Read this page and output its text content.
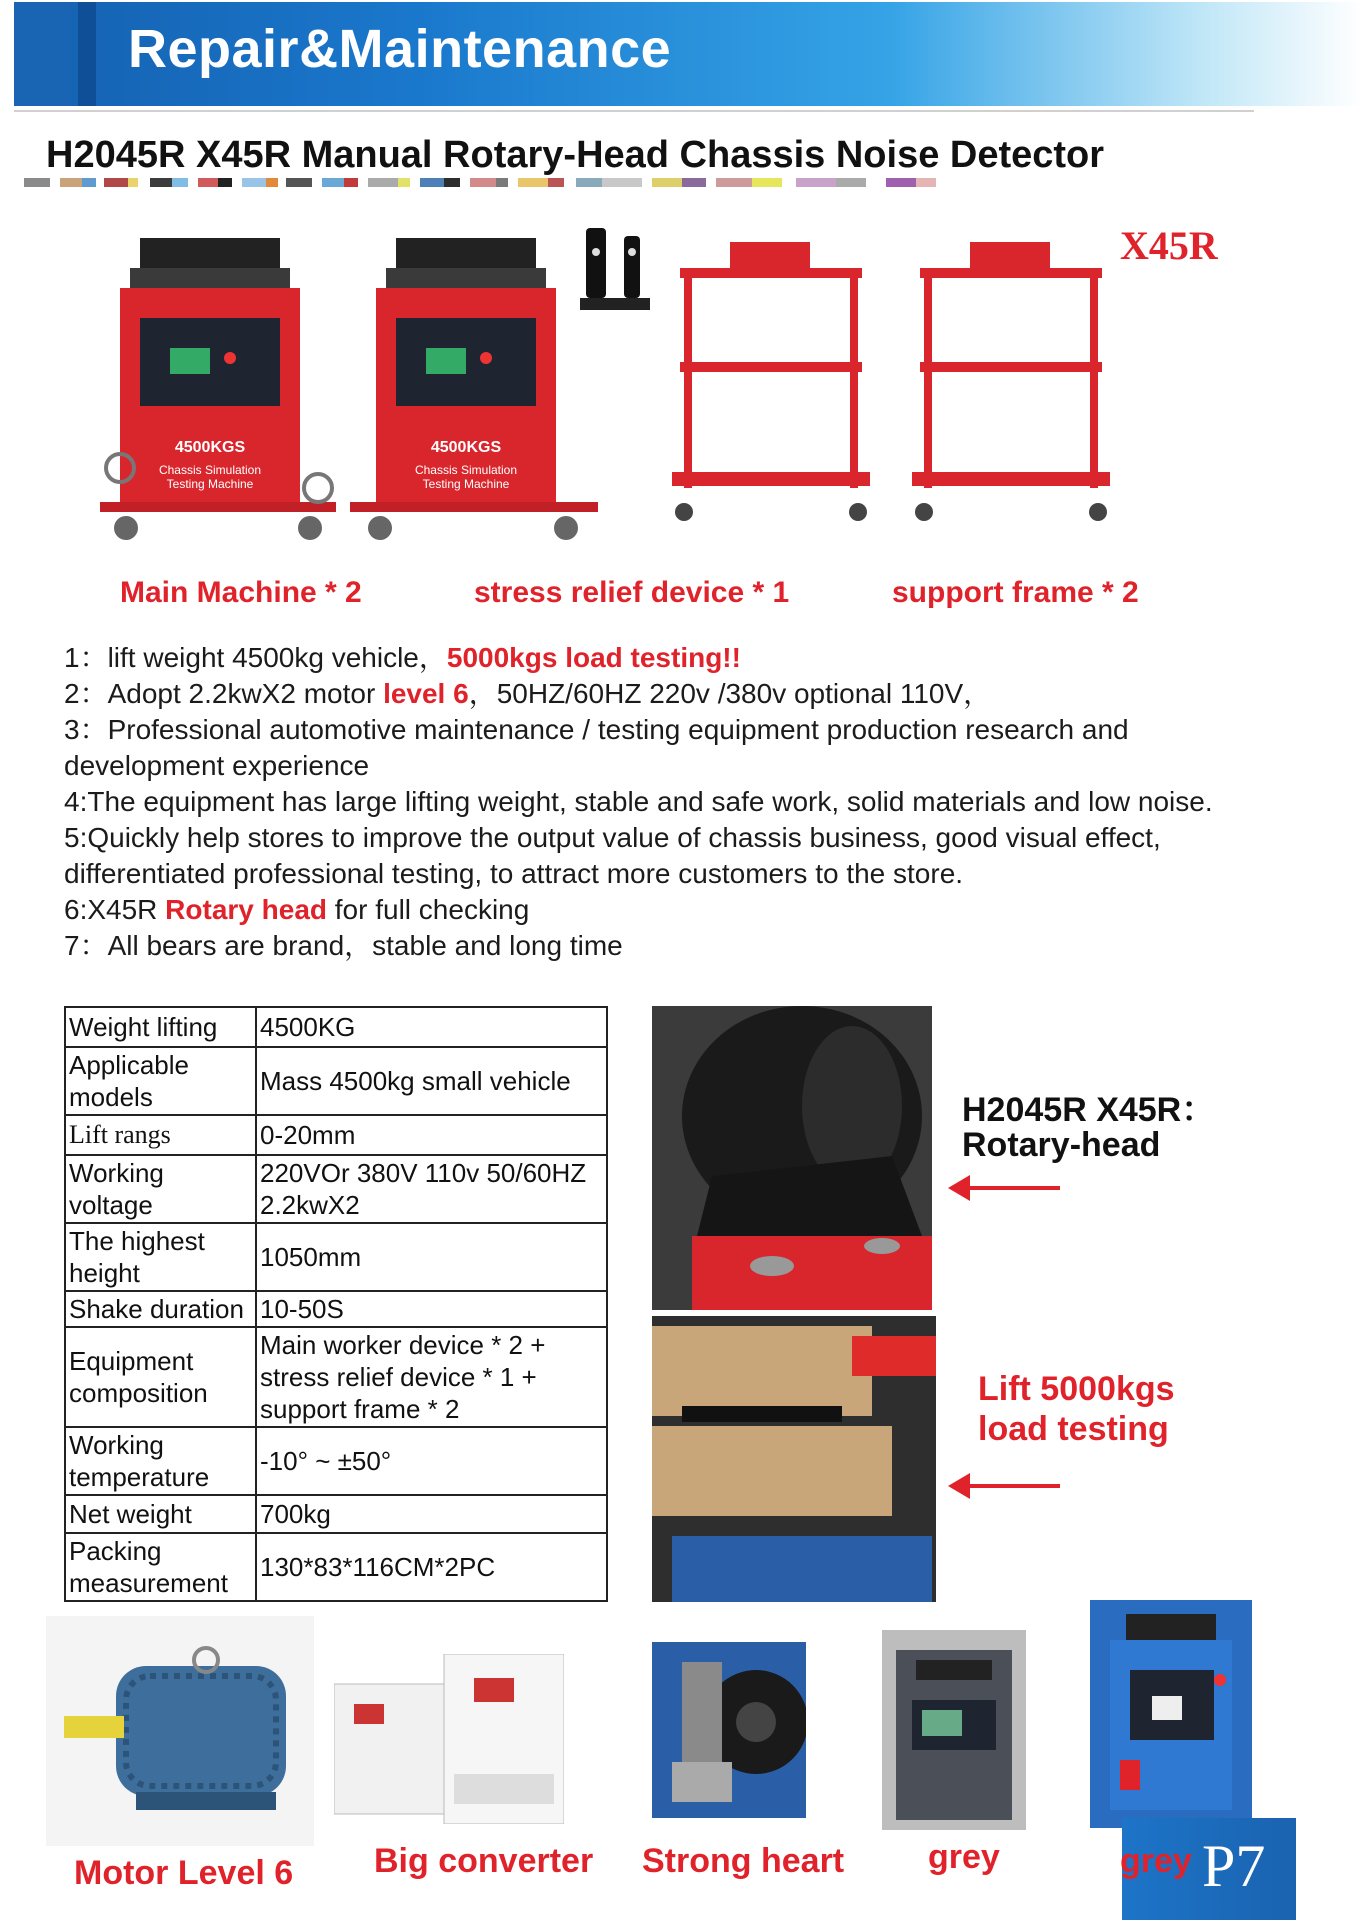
Repair&Maintenance
H2045R X45R Manual Rotary-Head Chassis Noise Detector
4500KGS
Chassis Simulation
Testing Machine
4500KGS
Chassis Simulation
Testing Machine
X45R
Main Machine * 2	stress relief device * 1	support frame * 2
1：lift weight 4500kg vehicle，5000kgs load testing!!
2：Adopt 2.2kwX2 motor level 6，50HZ/60HZ 220v /380v optional 110V，
3：Professional automotive maintenance / testing equipment production research and
development experience
4:The equipment has large lifting weight, stable and safe work, solid materials and low noise.
5:Quickly help stores to improve the output value of chassis business, good visual effect,
differentiated professional testing, to attract more customers to the store.
6:X45R Rotary head for full checking
7：All bears are brand，stable and long time
Weight lifting	4500KG
Applicable models	Mass 4500kg small vehicle
Lift rangs	0-20mm
Working voltage	220VOr 380V 110v 50/60HZ 2.2kwX2
The highest height	1050mm
Shake duration	10-50S
Equipment composition	Main worker device * 2 + stress relief device * 1 + support frame * 2
Working temperature	-10° ~ ±50°
Net weight	700kg
Packing measurement	130*83*116CM*2PC
H2045R X45R：
Rotary-head
Lift 5000kgs
load testing
Motor Level 6 Big converter Strong heart grey	grey P7
